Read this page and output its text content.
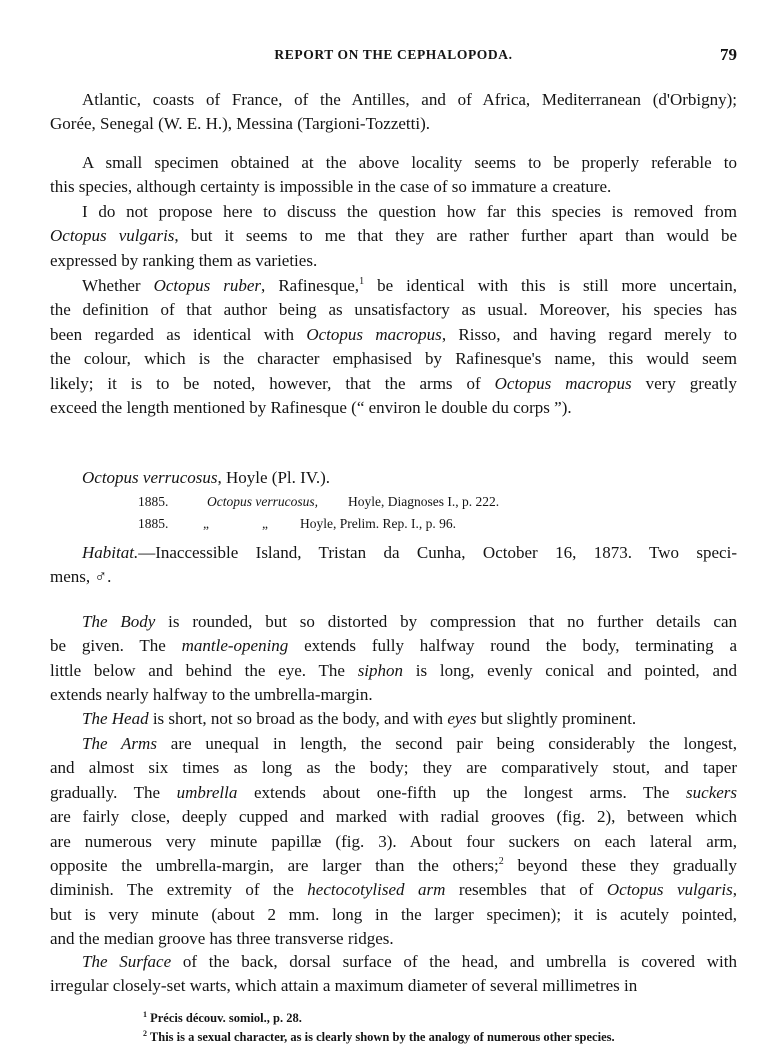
REPORT ON THE CEPHALOPODA.	79
Atlantic, coasts of France, of the Antilles, and of Africa, Mediterranean (d'Orbigny);
Gorée, Senegal (W. E. H.), Messina (Targioni-Tozzetti).
A small specimen obtained at the above locality seems to be properly referable to
this species, although certainty is impossible in the case of so immature a creature.
I do not propose here to discuss the question how far this species is removed from
Octopus vulgaris, but it seems to me that they are rather further apart than would be
expressed by ranking them as varieties.
Whether Octopus ruber, Rafinesque,$^1$ be identical with this is still more uncertain,
the definition of that author being as unsatisfactory as usual. Moreover, his species has
been regarded as identical with Octopus macropus, Risso, and having regard merely to
the colour, which is the character emphasised by Rafinesque's name, this would seem
likely; it is to be noted, however, that the arms of Octopus macropus very greatly
exceed the length mentioned by Rafinesque (“ environ le double du corps ”).
Octopus verrucosus, Hoyle (Pl. IV.).
1885.	Octopus verrucosus, Hoyle, Diagnoses I., p. 222.
1885.	„	„ Hoyle, Prelim. Rep. I., p. 96.
Habitat.—Inaccessible Island, Tristan da Cunha, October 16, 1873. Two speci-
mens, ♂.
The Body is rounded, but so distorted by compression that no further details can
be given. The mantle-opening extends fully halfway round the body, terminating a
little below and behind the eye. The siphon is long, evenly conical and pointed, and
extends nearly halfway to the umbrella-margin.
The Head is short, not so broad as the body, and with eyes but slightly prominent.
The Arms are unequal in length, the second pair being considerably the longest,
and almost six times as long as the body; they are comparatively stout, and taper
gradually. The umbrella extends about one-fifth up the longest arms. The suckers
are fairly close, deeply cupped and marked with radial grooves (fig. 2), between which
are numerous very minute papillæ (fig. 3). About four suckers on each lateral arm,
opposite the umbrella-margin, are larger than the others;$^2$ beyond these they gradually
diminish. The extremity of the hectocotylised arm resembles that of Octopus vulgaris,
but is very minute (about 2 mm. long in the larger specimen); it is acutely pointed,
and the median groove has three transverse ridges.
The Surface of the back, dorsal surface of the head, and umbrella is covered with
irregular closely-set warts, which attain a maximum diameter of several millimetres in
$^1$ Précis découv. somiol., p. 28.
$^2$ This is a sexual character, as is clearly shown by the analogy of numerous other species.
